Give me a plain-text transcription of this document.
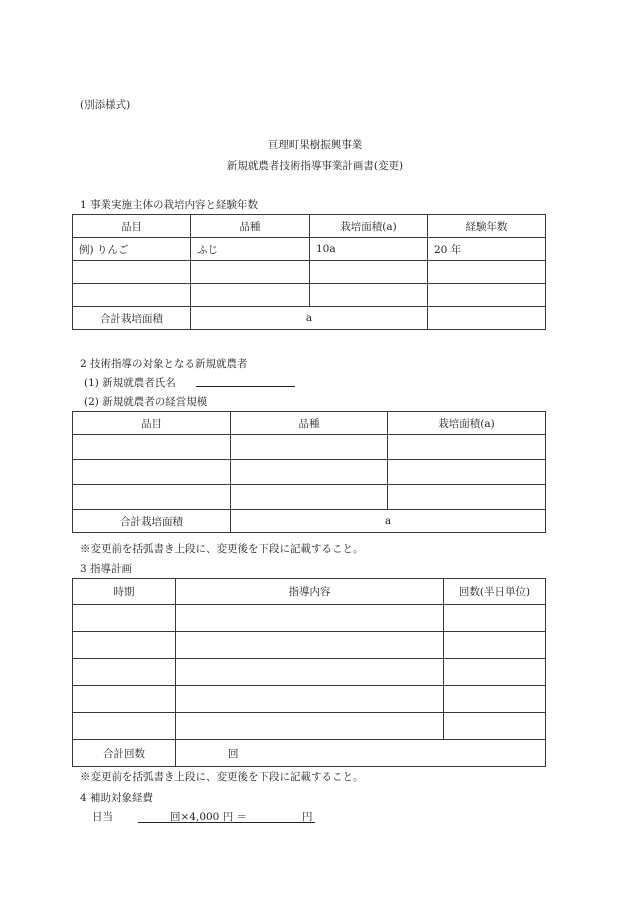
(別添様式)
亘理町果樹振興事業
新規就農者技術指導事業計画書(変更)
1 事業実施主体の栽培内容と経験年数
品目	品種	栽培面積(a)	経験年数
例) りんご	ふじ	10a	20 年

合計栽培面積	a		
2 技術指導の対象となる新規就農者
(1) 新規就農者氏名
(2) 新規就農者の経営規模
品目	品種	栽培面積(a)

合計栽培面積	a	
※変更前を括弧書き上段に、変更後を下段に記載すること。
3 指導計画
時期	指導内容	回数(半日単位)

合計回数	回	
※変更前を括弧書き上段に、変更後を下段に記載すること。
4 補助対象経費
日当	回×4,000 円 ＝	円
